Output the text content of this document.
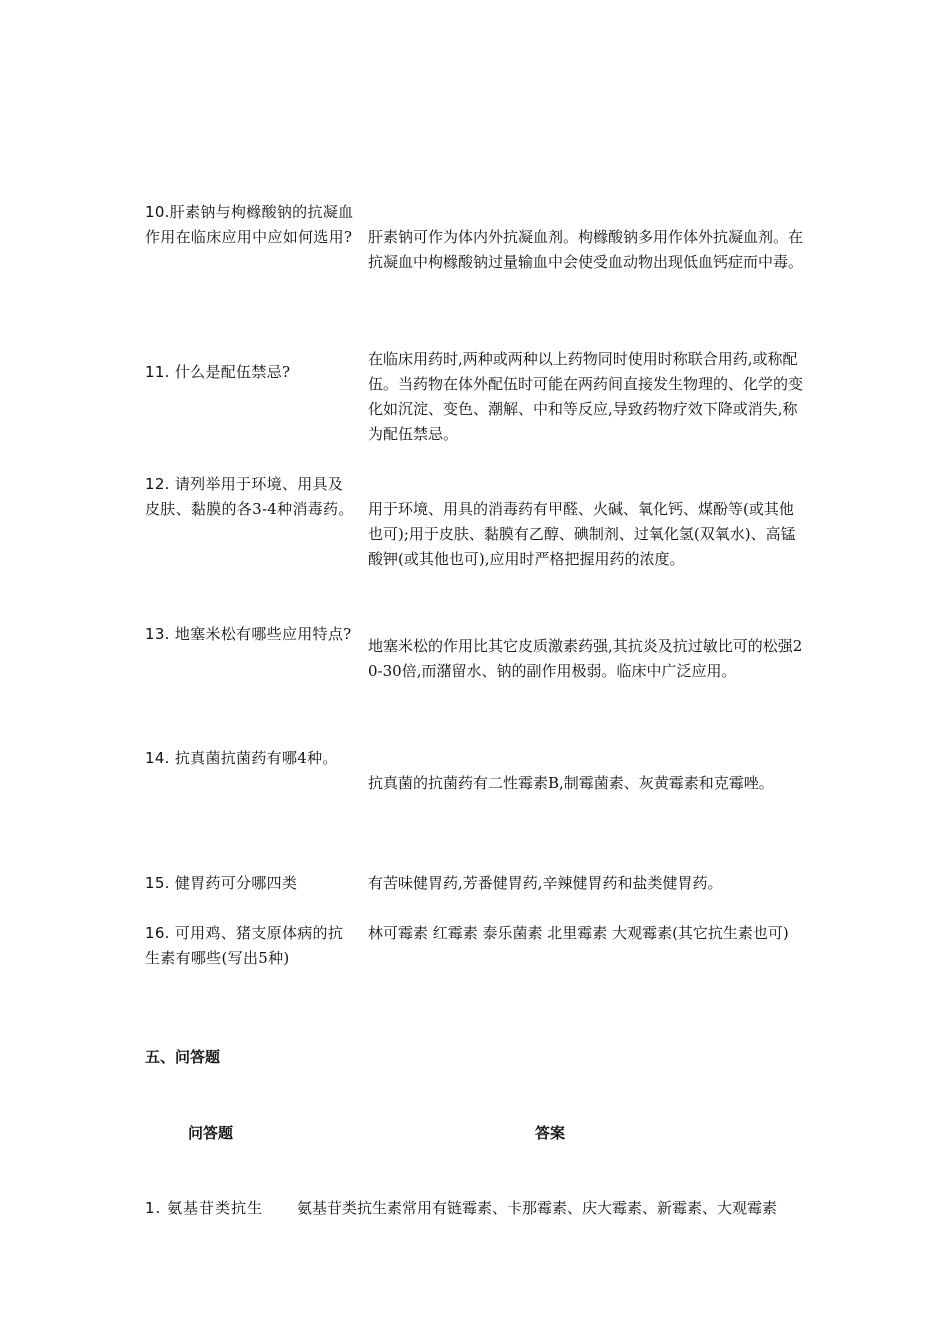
10.肝素钠与枸橼酸钠的抗凝血作用在临床应用中应如何选用? 肝素钠可作为体内外抗凝血剂。枸橼酸钠多用作体外抗凝血剂。在抗凝血中枸橼酸钠过量输血中会使受血动物出现低血钙症而中毒。

11. 什么是配伍禁忌?

在临床用药时,两种或两种以上药物同时使用时称联合用药,或称配伍。当药物在体外配伍时可能在两药间直接发生物理的、化学的变化如沉淀、变色、潮解、中和等反应,导致药物疗效下降或消失,称为配伍禁忌。

12. 请列举用于环境、用具及皮肤、黏膜的各3-4种消毒药。 用于环境、用具的消毒药有甲醛、火碱、氧化钙、煤酚等(或其他也可);用于皮肤、黏膜有乙醇、碘制剂、过氧化氢(双氧水)、高锰酸钾(或其他也可),应用时严格把握用药的浓度。

13. 地塞米松有哪些应用特点?

地塞米松的作用比其它皮质激素药强,其抗炎及抗过敏比可的松强20-30倍,而潴留水、钠的副作用极弱。临床中广泛应用。

14. 抗真菌抗菌药有哪4种。

抗真菌的抗菌药有二性霉素B,制霉菌素、灰黄霉素和克霉唑。

15. 健胃药可分哪四类	有苦味健胃药,芳番健胃药,辛辣健胃药和盐类健胃药。

16. 可用鸡、猪支原体病的抗生素有哪些(写出5种)

林可霉素 红霉素 泰乐菌素 北里霉素 大观霉素(其它抗生素也可)

五、问答题
问答题	答案
1. 氨基苷类抗生 氨基苷类抗生素常用有链霉素、卡那霉素、庆大霉素、新霉素、大观霉素
